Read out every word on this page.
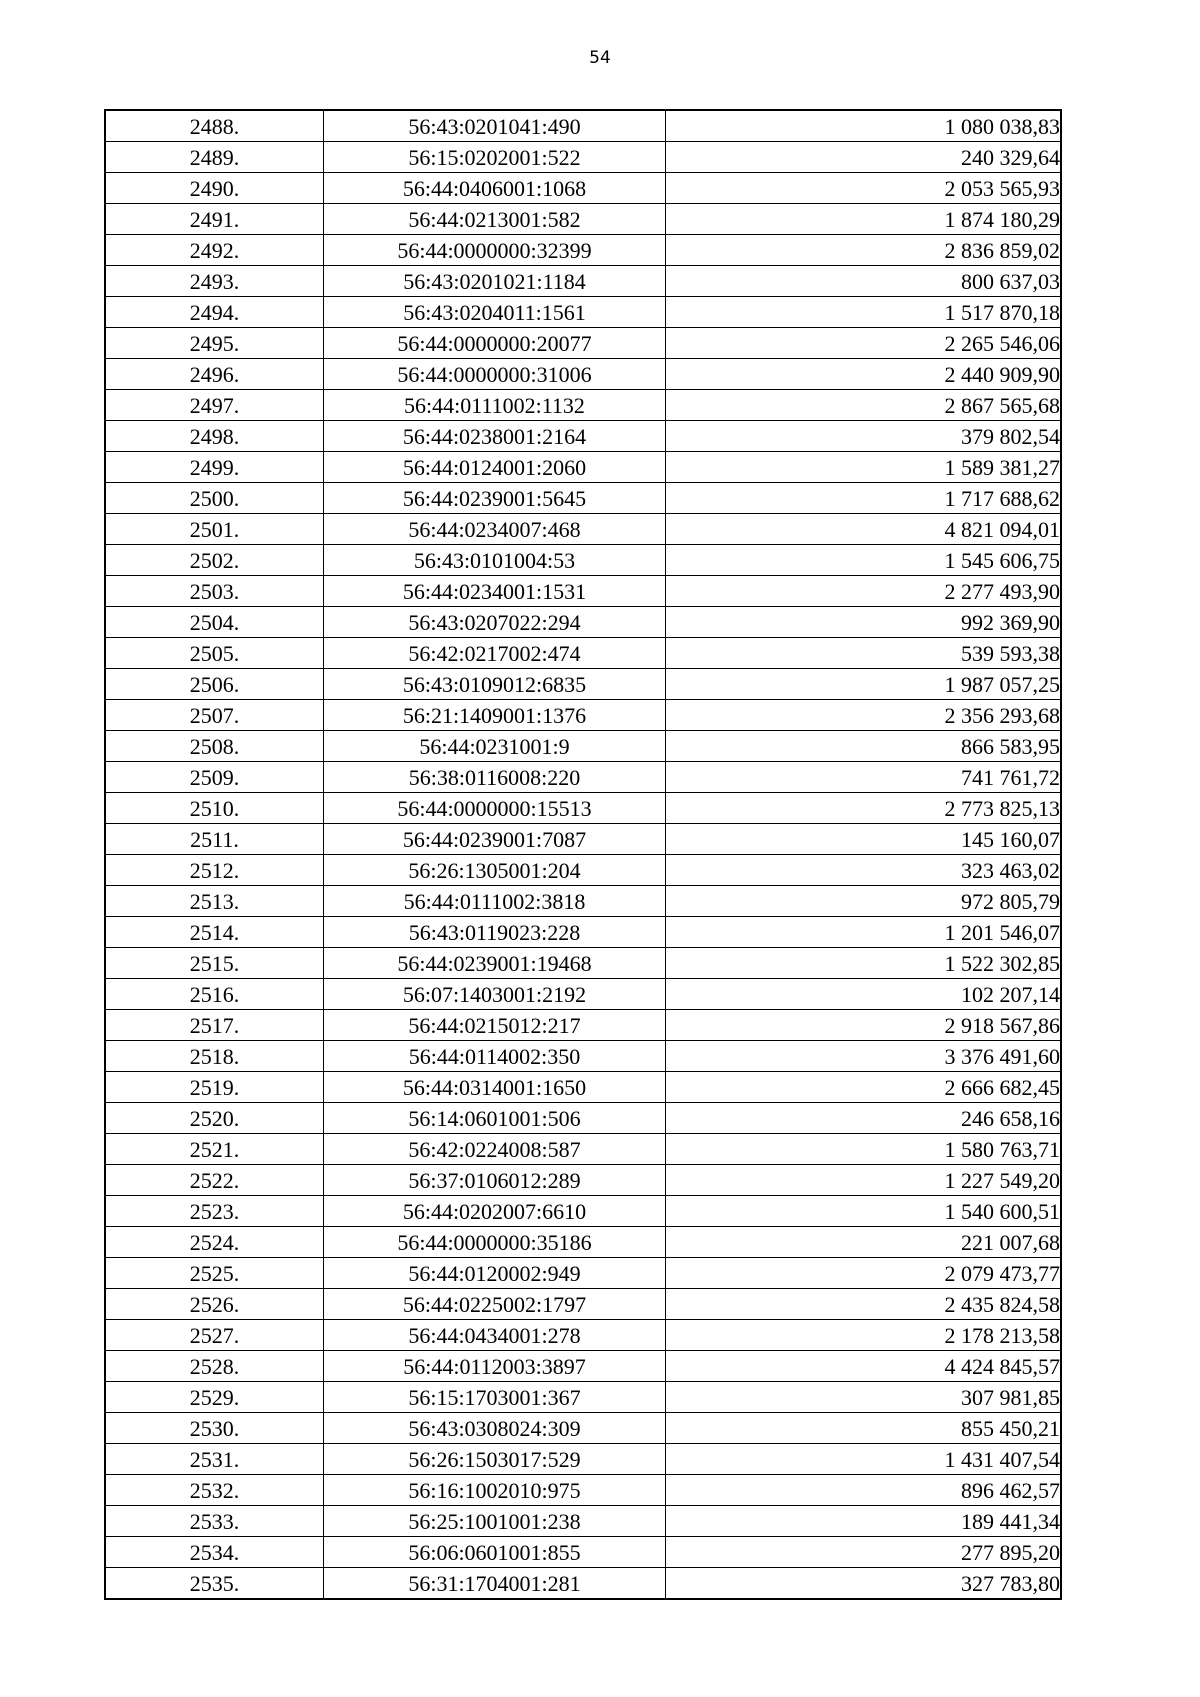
54
2488.	56:43:0201041:490	1 080 038,83
2489.	56:15:0202001:522	240 329,64
2490.	56:44:0406001:1068	2 053 565,93
2491.	56:44:0213001:582	1 874 180,29
2492.	56:44:0000000:32399	2 836 859,02
2493.	56:43:0201021:1184	800 637,03
2494.	56:43:0204011:1561	1 517 870,18
2495.	56:44:0000000:20077	2 265 546,06
2496.	56:44:0000000:31006	2 440 909,90
2497.	56:44:0111002:1132	2 867 565,68
2498.	56:44:0238001:2164	379 802,54
2499.	56:44:0124001:2060	1 589 381,27
2500.	56:44:0239001:5645	1 717 688,62
2501.	56:44:0234007:468	4 821 094,01
2502.	56:43:0101004:53	1 545 606,75
2503.	56:44:0234001:1531	2 277 493,90
2504.	56:43:0207022:294	992 369,90
2505.	56:42:0217002:474	539 593,38
2506.	56:43:0109012:6835	1 987 057,25
2507.	56:21:1409001:1376	2 356 293,68
2508.	56:44:0231001:9	866 583,95
2509.	56:38:0116008:220	741 761,72
2510.	56:44:0000000:15513	2 773 825,13
2511.	56:44:0239001:7087	145 160,07
2512.	56:26:1305001:204	323 463,02
2513.	56:44:0111002:3818	972 805,79
2514.	56:43:0119023:228	1 201 546,07
2515.	56:44:0239001:19468	1 522 302,85
2516.	56:07:1403001:2192	102 207,14
2517.	56:44:0215012:217	2 918 567,86
2518.	56:44:0114002:350	3 376 491,60
2519.	56:44:0314001:1650	2 666 682,45
2520.	56:14:0601001:506	246 658,16
2521.	56:42:0224008:587	1 580 763,71
2522.	56:37:0106012:289	1 227 549,20
2523.	56:44:0202007:6610	1 540 600,51
2524.	56:44:0000000:35186	221 007,68
2525.	56:44:0120002:949	2 079 473,77
2526.	56:44:0225002:1797	2 435 824,58
2527.	56:44:0434001:278	2 178 213,58
2528.	56:44:0112003:3897	4 424 845,57
2529.	56:15:1703001:367	307 981,85
2530.	56:43:0308024:309	855 450,21
2531.	56:26:1503017:529	1 431 407,54
2532.	56:16:1002010:975	896 462,57
2533.	56:25:1001001:238	189 441,34
2534.	56:06:0601001:855	277 895,20
2535.	56:31:1704001:281	327 783,80
